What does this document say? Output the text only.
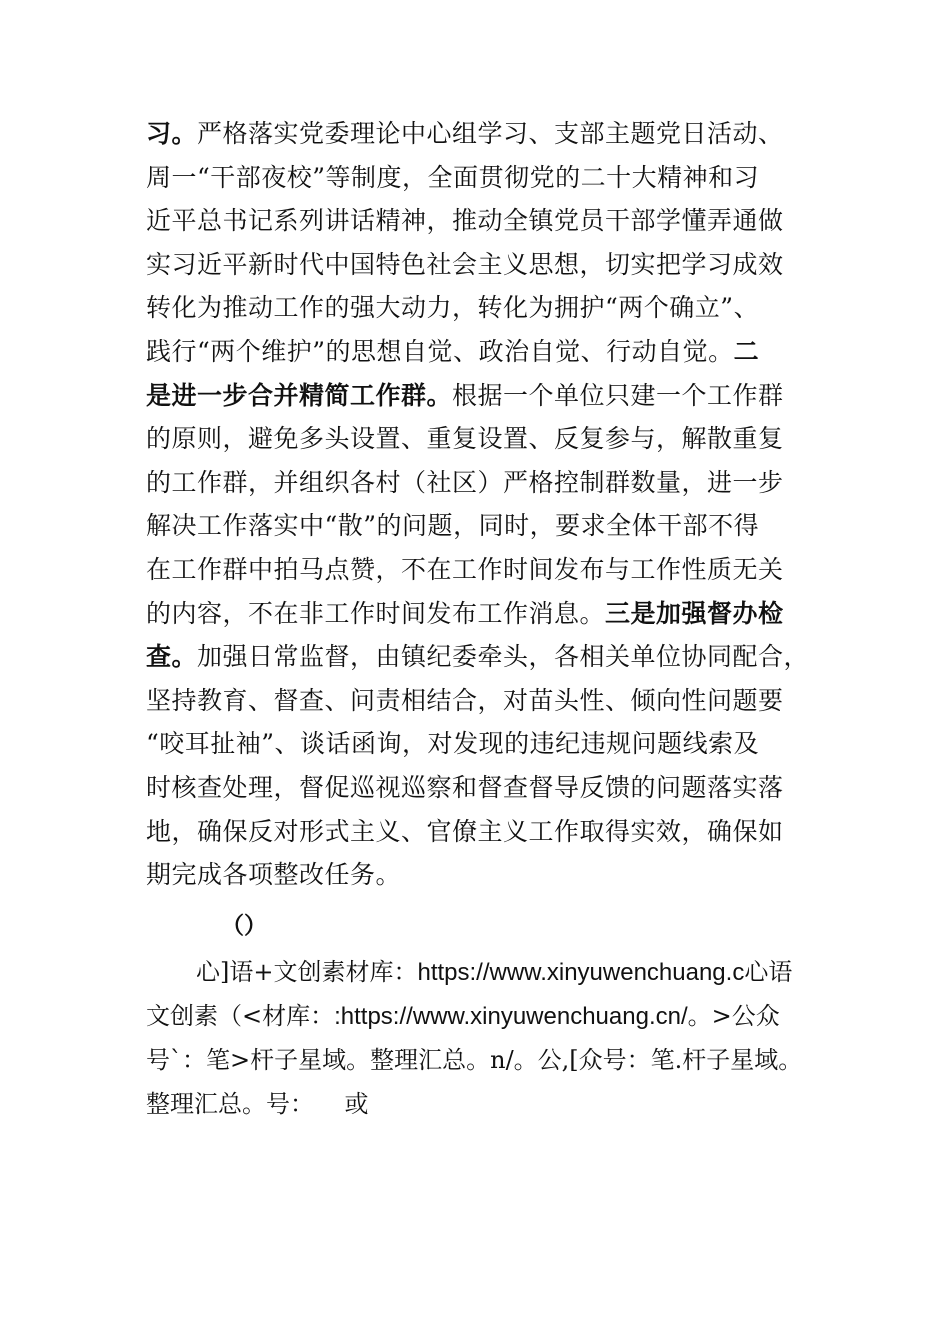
习。严格落实党委理论中心组学习、支部主题党日活动、
周一“干部夜校”等制度，全面贯彻党的二十大精神和习
近平总书记系列讲话精神，推动全镇党员干部学懂弄通做
实习近平新时代中国特色社会主义思想，切实把学习成效
转化为推动工作的强大动力，转化为拥护“两个确立”、
践行“两个维护”的思想自觉、政治自觉、行动自觉。二
是进一步合并精简工作群。根据一个单位只建一个工作群
的原则，避免多头设置、重复设置、反复参与，解散重复
的工作群，并组织各村（社区）严格控制群数量，进一步
解决工作落实中“散”的问题，同时，要求全体干部不得
在工作群中拍马点赞，不在工作时间发布与工作性质无关
的内容，不在非工作时间发布工作消息。三是加强督办检
查。加强日常监督，由镇纪委牵头，各相关单位协同配合，
坚持教育、督查、问责相结合，对苗头性、倾向性问题要
“咬耳扯袖”、谈话函询，对发现的违纪违规问题线索及
时核查处理，督促巡视巡察和督查督导反馈的问题落实落
地，确保反对形式主义、官僚主义工作取得实效，确保如
期完成各项整改任务。
（）
心]语+文创素材库：https://www.xinyuwenchuang.c心语
文创素（<材库：:https://www.xinyuwenchuang.cn/。>公众
号`：笔>杆子星域。整理汇总。n/。公,[众号：笔.杆子星域。
整理汇总。号：    或
